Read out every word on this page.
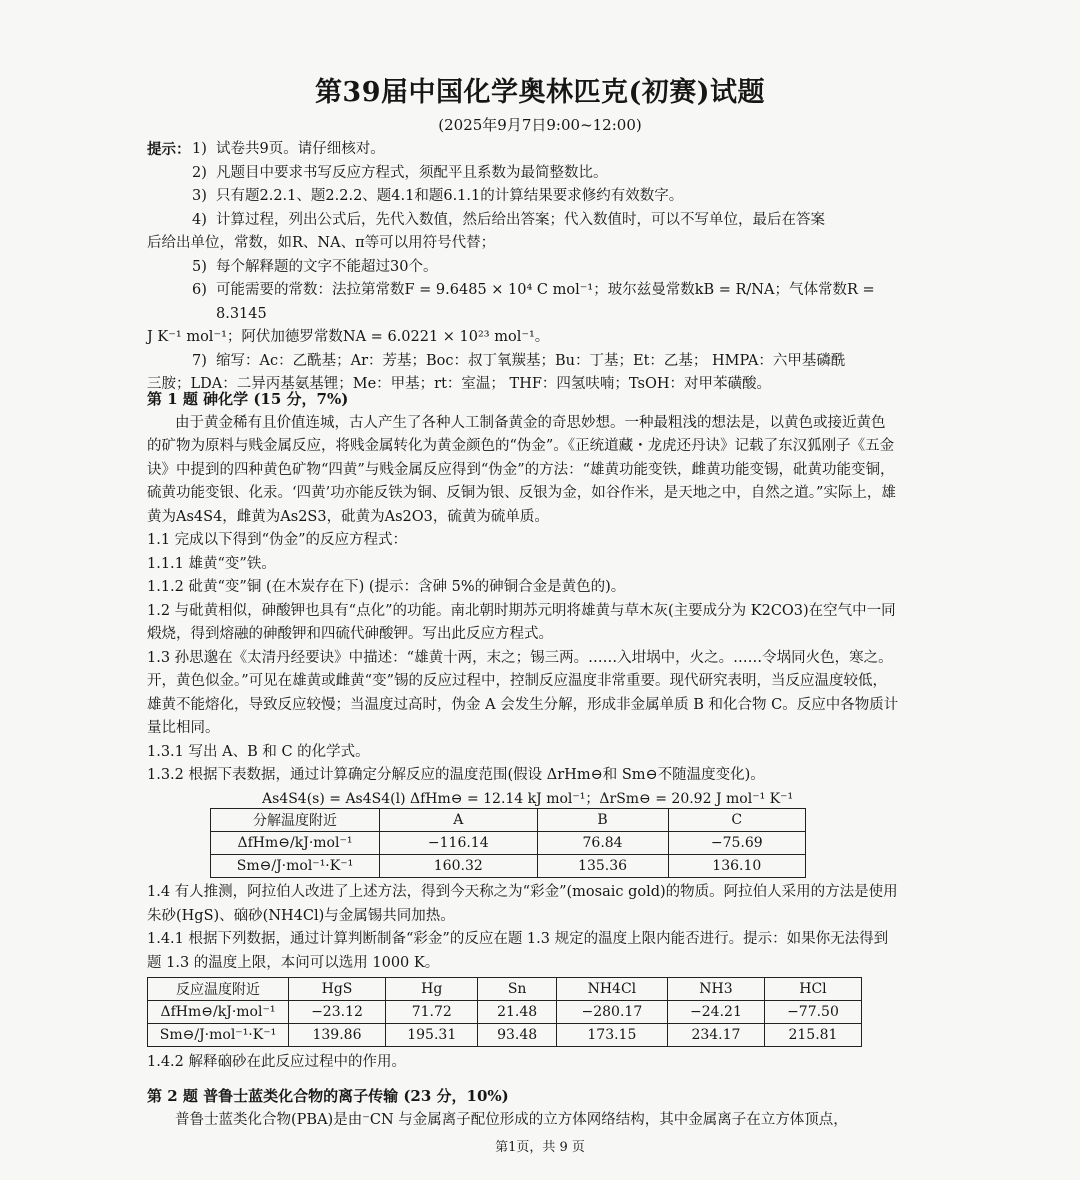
第39届中国化学奥林匹克(初赛)试题
(2025年9月7日9:00~12:00)
提示： 1) 试卷共9页。请仔细核对。
2) 凡题目中要求书写反应方程式，须配平且系数为最简整数比。
3) 只有题2.2.1、题2.2.2、题4.1和题6.1.1的计算结果要求修约有效数字。
4) 计算过程，列出公式后，先代入数值，然后给出答案；代入数值时，可以不写单位，最后在答案
后给出单位，常数，如R、NA、π等可以用符号代替；
5) 每个解释题的文字不能超过30个。
6) 可能需要的常数：法拉第常数F = 9.6485 × 10⁴ C mol⁻¹；玻尔兹曼常数kB = R/NA；气体常数R = 8.3145
J K⁻¹ mol⁻¹；阿伏加德罗常数NA = 6.0221 × 10²³ mol⁻¹。
7) 缩写：Ac：乙酰基；Ar：芳基；Boc：叔丁氧羰基；Bu：丁基；Et：乙基； HMPA：六甲基磷酰
三胺；LDA：二异丙基氨基锂；Me：甲基；rt：室温； THF：四氢呋喃；TsOH：对甲苯磺酸。
第 1 题 砷化学 (15 分，7%)
由于黄金稀有且价值连城，古人产生了各种人工制备黄金的奇思妙想。一种最粗浅的想法是，以黄色或接近黄色的矿物为原料与贱金属反应，将贱金属转化为黄金颜色的“伪金”。《正统道藏・龙虎还丹诀》记载了东汉狐刚子《五金诀》中提到的四种黄色矿物“四黄”与贱金属反应得到“伪金”的方法：“雄黄功能变铁，雌黄功能变锡，砒黄功能变铜，硫黄功能变银、化汞。‘四黄’功亦能反铁为铜、反铜为银、反银为金，如谷作米，是天地之中，自然之道。”实际上，雄黄为As4S4，雌黄为As2S3，砒黄为As2O3，硫黄为硫单质。
1.1 完成以下得到“伪金”的反应方程式：
1.1.1 雄黄“变”铁。
1.1.2 砒黄“变”铜 (在木炭存在下) (提示：含砷 5%的砷铜合金是黄色的)。
1.2 与砒黄相似，砷酸钾也具有“点化”的功能。南北朝时期苏元明将雄黄与草木灰(主要成分为 K2CO3)在空气中一同煅烧，得到熔融的砷酸钾和四硫代砷酸钾。写出此反应方程式。
1.3 孙思邈在《太清丹经要诀》中描述：“雄黄十两，末之；锡三两。……入坩埚中，火之。……令埚同火色，寒之。开，黄色似金。”可见在雄黄或雌黄“变”锡的反应过程中，控制反应温度非常重要。现代研究表明，当反应温度较低，雄黄不能熔化，导致反应较慢；当温度过高时，伪金 A 会发生分解，形成非金属单质 B 和化合物 C。反应中各物质计量比相同。
1.3.1 写出 A、B 和 C 的化学式。
1.3.2 根据下表数据，通过计算确定分解反应的温度范围(假设 ΔrHm⊖和 Sm⊖不随温度变化)。
As4S4(s) = As4S4(l) ΔfHm⊖ = 12.14 kJ mol⁻¹；ΔrSm⊖ = 20.92 J mol⁻¹ K⁻¹
分解温度附近	A	B	C
ΔfHm⊖/kJ·mol⁻¹	−116.14	76.84	−75.69
Sm⊖/J·mol⁻¹·K⁻¹	160.32	135.36	136.10
1.4 有人推测，阿拉伯人改进了上述方法，得到今天称之为“彩金”(mosaic gold)的物质。阿拉伯人采用的方法是使用朱砂(HgS)、硇砂(NH4Cl)与金属锡共同加热。
1.4.1 根据下列数据，通过计算判断制备“彩金”的反应在题 1.3 规定的温度上限内能否进行。提示：如果你无法得到题 1.3 的温度上限，本问可以选用 1000 K。
反应温度附近	HgS	Hg	Sn	NH4Cl	NH3	HCl
ΔfHm⊖/kJ·mol⁻¹	−23.12	71.72	21.48	−280.17	−24.21	−77.50
Sm⊖/J·mol⁻¹·K⁻¹	139.86	195.31	93.48	173.15	234.17	215.81
1.4.2 解释硇砂在此反应过程中的作用。
第 2 题 普鲁士蓝类化合物的离子传输 (23 分，10%)
普鲁士蓝类化合物(PBA)是由⁻CN 与金属离子配位形成的立方体网络结构，其中金属离子在立方体顶点，
第1页，共 9 页
